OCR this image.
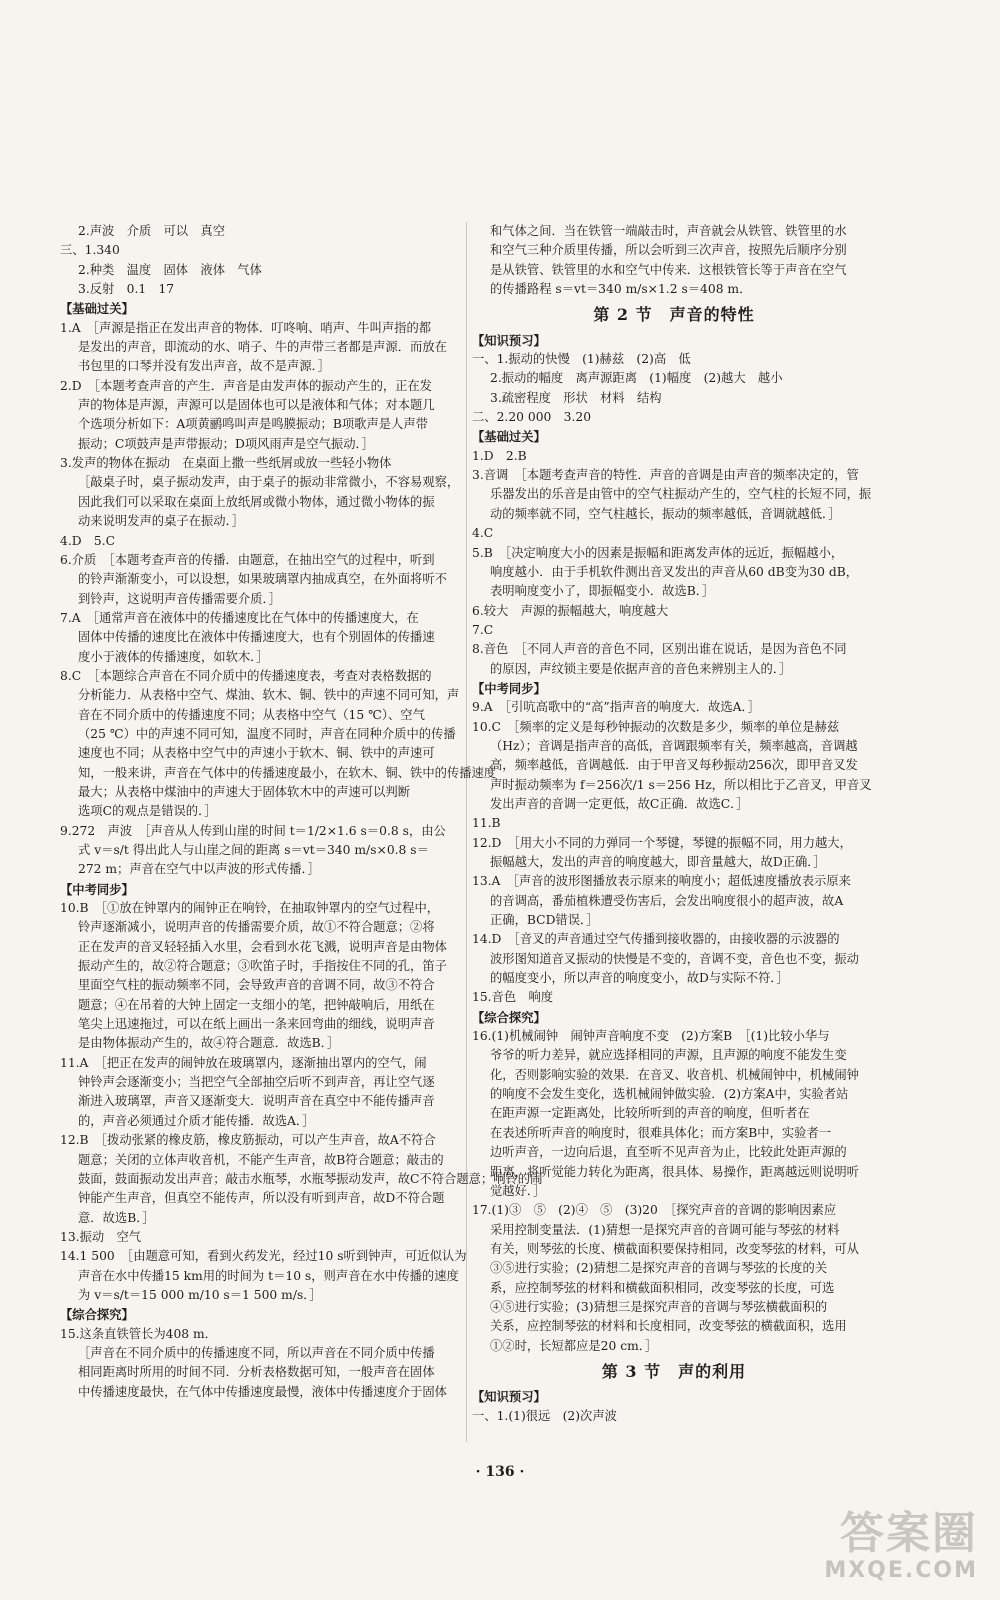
2.声波　介质　可以　真空
三、1.340
2.种类　温度　固体　液体　气体
3.反射　0.1　17
【基础过关】
1.A　［声源是指正在发出声音的物体．叮咚响、哨声、牛叫声指的都
是发出的声音，即流动的水、哨子、牛的声带三者都是声源．而放在
书包里的口琴并没有发出声音，故不是声源．］
2.D　［本题考查声音的产生．声音是由发声体的振动产生的，正在发
声的物体是声源，声源可以是固体也可以是液体和气体；对本题几
个选项分析如下：A项黄鹂鸣叫声是鸣膜振动；B项歌声是人声带
振动；C项鼓声是声带振动；D项风雨声是空气振动．］
3.发声的物体在振动　在桌面上撒一些纸屑或放一些轻小物体
［敲桌子时，桌子振动发声，由于桌子的振动非常微小，不容易观察，
因此我们可以采取在桌面上放纸屑或微小物体，通过微小物体的振
动来说明发声的桌子在振动．］
4.D　5.C
6.介质　［本题考查声音的传播．由题意，在抽出空气的过程中，听到
的铃声渐渐变小，可以设想，如果玻璃罩内抽成真空，在外面将听不
到铃声，这说明声音传播需要介质．］
7.A　［通常声音在液体中的传播速度比在气体中的传播速度大，在
固体中传播的速度比在液体中传播速度大，也有个别固体的传播速
度小于液体的传播速度，如软木．］
8.C　［本题综合声音在不同介质中的传播速度表，考查对表格数据的
分析能力．从表格中空气、煤油、软木、铜、铁中的声速不同可知，声
音在不同介质中的传播速度不同；从表格中空气（15 ℃）、空气
（25 ℃）中的声速不同可知，温度不同时，声音在同种介质中的传播
速度也不同；从表格中空气中的声速小于软木、铜、铁中的声速可
知，一般来讲，声音在气体中的传播速度最小，在软木、铜、铁中的传播速度
最大；从表格中煤油中的声速大于固体软木中的声速可以判断
选项C的观点是错误的．］
9.272　声波　［声音从人传到山崖的时间 t＝1/2×1.6 s＝0.8 s，由公
式 v＝s/t 得出此人与山崖之间的距离 s＝vt＝340 m/s×0.8 s＝
272 m；声音在空气中以声波的形式传播．］
【中考同步】
10.B　［①放在钟罩内的闹钟正在响铃，在抽取钟罩内的空气过程中，
铃声逐渐减小，说明声音的传播需要介质，故①不符合题意；②将
正在发声的音叉轻轻插入水里，会看到水花飞溅，说明声音是由物体
振动产生的，故②符合题意；③吹笛子时，手指按住不同的孔，笛子
里面空气柱的振动频率不同，会导致声音的音调不同，故③不符合
题意；④在吊着的大钟上固定一支细小的笔，把钟敲响后，用纸在
笔尖上迅速拖过，可以在纸上画出一条来回弯曲的细线，说明声音
是由物体振动产生的，故④符合题意．故选B．］
11.A　［把正在发声的闹钟放在玻璃罩内，逐渐抽出罩内的空气，闹
钟铃声会逐渐变小；当把空气全部抽空后听不到声音，再让空气逐
渐进入玻璃罩，声音又逐渐变大．说明声音在真空中不能传播声音
的，声音必须通过介质才能传播．故选A．］
12.B　［拨动张紧的橡皮筋，橡皮筋振动，可以产生声音，故A不符合
题意；关闭的立体声收音机，不能产生声音，故B符合题意；敲击的
鼓面，鼓面振动发出声音；敲击水瓶琴，水瓶琴振动发声，故C不符合题意；响铃的闹
钟能产生声音，但真空不能传声，所以没有听到声音，故D不符合题
意．故选B．］
13.振动　空气
14.1 500　［由题意可知，看到火药发光，经过10 s听到钟声，可近似认为
声音在水中传播15 km用的时间为 t＝10 s，则声音在水中传播的速度
为 v＝s/t＝15 000 m/10 s＝1 500 m/s．］
【综合探究】
15.这条直铁管长为408 m．
［声音在不同介质中的传播速度不同，所以声音在不同介质中传播
相同距离时所用的时间不同．分析表格数据可知，一般声音在固体
中传播速度最快，在气体中传播速度最慢，液体中传播速度介于固体
和气体之间．当在铁管一端敲击时，声音就会从铁管、铁管里的水
和空气三种介质里传播，所以会听到三次声音，按照先后顺序分别
是从铁管、铁管里的水和空气中传来．这根铁管长等于声音在空气
的传播路程 s＝vt＝340 m/s×1.2 s＝408 m．
第 2 节　声音的特性
【知识预习】
一、1.振动的快慢　(1)赫兹　(2)高　低
2.振动的幅度　离声源距离　(1)幅度　(2)越大　越小
3.疏密程度　形状　材料　结构
二、2.20 000　3.20
【基础过关】
1.D　2.B
3.音调　［本题考查声音的特性．声音的音调是由声音的频率决定的，管
乐器发出的乐音是由管中的空气柱振动产生的，空气柱的长短不同，振
动的频率就不同，空气柱越长，振动的频率越低，音调就越低．］
4.C
5.B　［决定响度大小的因素是振幅和距离发声体的远近，振幅越小，
响度越小．由于手机软件测出音叉发出的声音从60 dB变为30 dB，
表明响度变小了，即振幅变小．故选B．］
6.较大　声源的振幅越大，响度越大
7.C
8.音色　［不同人声音的音色不同，区别出谁在说话，是因为音色不同
的原因，声纹锁主要是依据声音的音色来辨别主人的．］
【中考同步】
9.A　［引吭高歌中的“高”指声音的响度大．故选A．］
10.C　［频率的定义是每秒钟振动的次数是多少，频率的单位是赫兹
（Hz）；音调是指声音的高低，音调跟频率有关，频率越高，音调越
高，频率越低，音调越低．由于甲音叉每秒振动256次，即甲音叉发
声时振动频率为 f＝256次/1 s＝256 Hz，所以相比于乙音叉，甲音叉
发出声音的音调一定更低，故C正确．故选C．］
11.B
12.D　［用大小不同的力弹同一个琴键，琴键的振幅不同，用力越大，
振幅越大，发出的声音的响度越大，即音量越大，故D正确．］
13.A　［声音的波形图播放表示原来的响度小；超低速度播放表示原来
的音调高，番茄植株遭受伤害后，会发出响度很小的超声波，故A
正确，BCD错误．］
14.D　［音叉的声音通过空气传播到接收器的，由接收器的示波器的
波形图知道音叉振动的快慢是不变的，音调不变，音色也不变，振动
的幅度变小，所以声音的响度变小，故D与实际不符．］
15.音色　响度
【综合探究】
16.(1)机械闹钟　闹钟声音响度不变　(2)方案B　［(1)比较小华与
爷爷的听力差异，就应选择相同的声源，且声源的响度不能发生变
化，否则影响实验的效果．在音叉、收音机、机械闹钟中，机械闹钟
的响度不会发生变化，选机械闹钟做实验．(2)方案A中，实验者站
在距声源一定距离处，比较所听到的声音的响度，但听者在
在表述所听声音的响度时，很难具体化；而方案B中，实验者一
边听声音，一边向后退，直至听不见声音为止，比较此处距声源的
距离，将听觉能力转化为距离，很具体、易操作，距离越远则说明听
觉越好．］
17.(1)③　⑤　(2)④　⑤　(3)20　［探究声音的音调的影响因素应
采用控制变量法．(1)猜想一是探究声音的音调可能与琴弦的材料
有关，则琴弦的长度、横截面积要保持相同，改变琴弦的材料，可从
③⑤进行实验；(2)猜想二是探究声音的音调与琴弦的长度的关
系，应控制琴弦的材料和横截面积相同，改变琴弦的长度，可选
④⑤进行实验；(3)猜想三是探究声音的音调与琴弦横截面积的
关系，应控制琴弦的材料和长度相同，改变琴弦的横截面积，选用
①②时，长短都应是20 cm．］
第 3 节　声的利用
【知识预习】
一、1.(1)很远　(2)次声波
· 136 ·
答案圈
MXQE.COM
